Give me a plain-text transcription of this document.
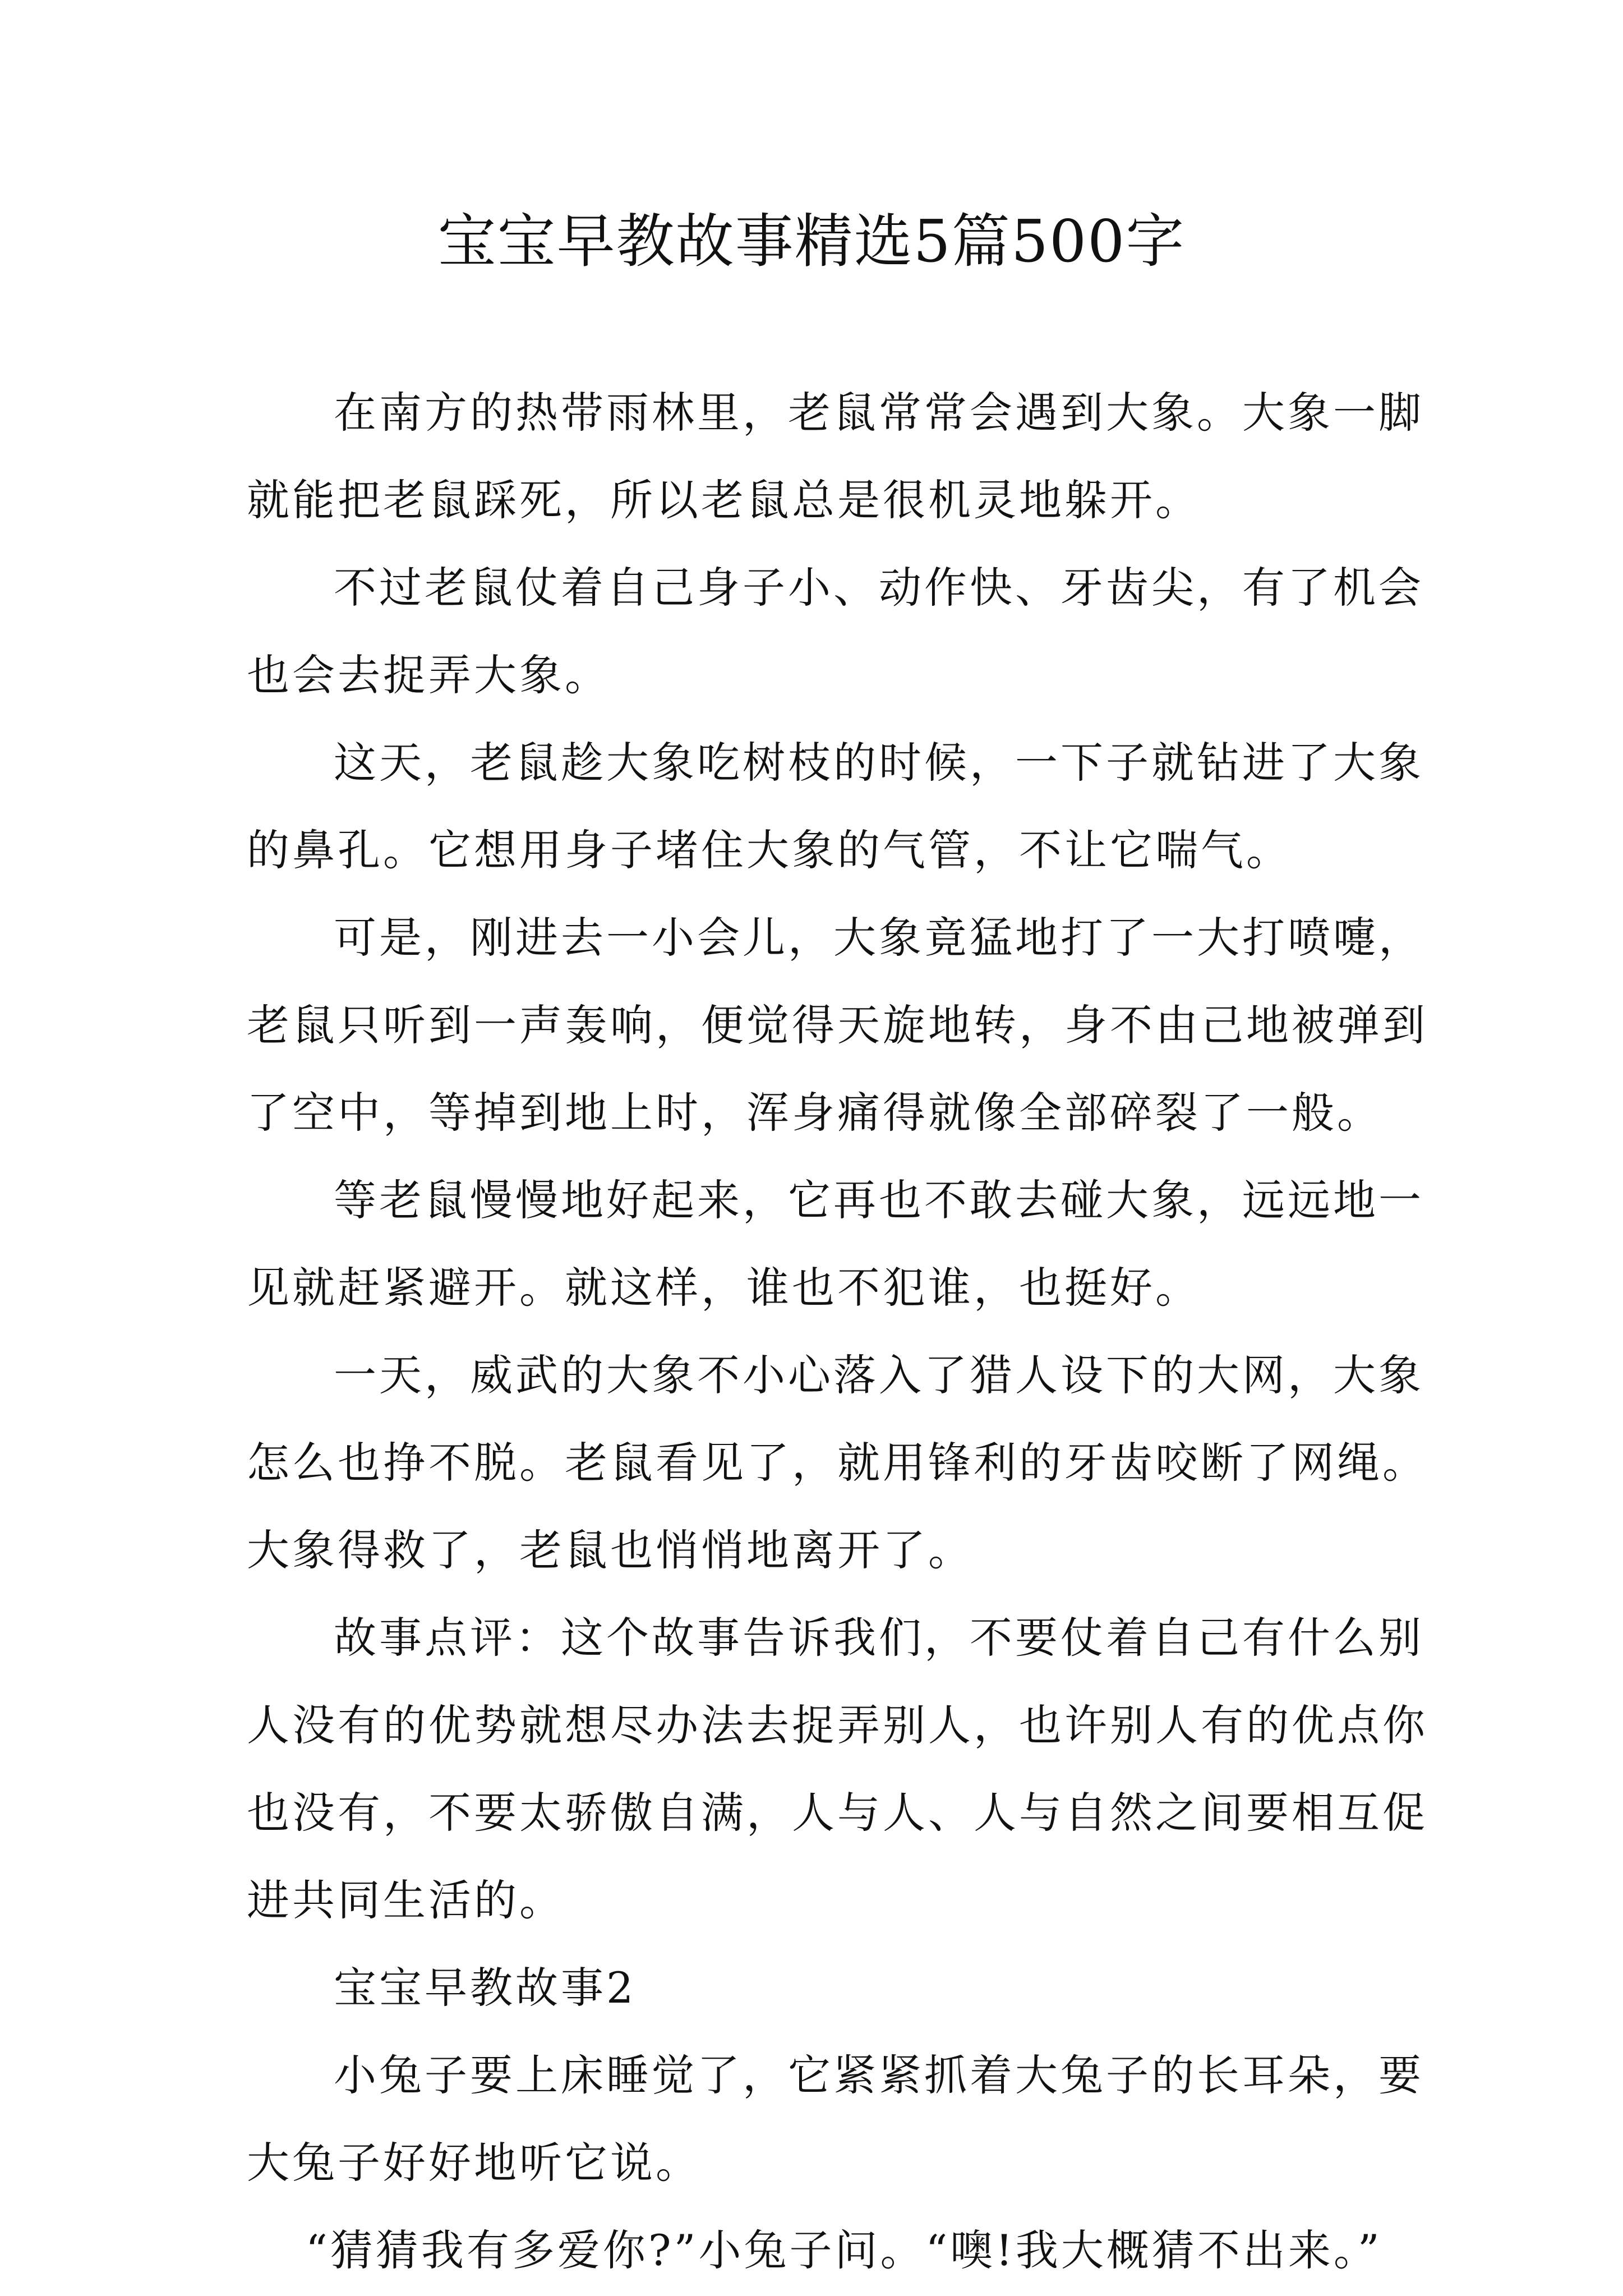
宝宝早教故事精选5篇500字

在南方的热带雨林里，老鼠常常会遇到大象。大象一脚

就能把老鼠踩死，所以老鼠总是很机灵地躲开。

不过老鼠仗着自己身子小、动作快、牙齿尖，有了机会

也会去捉弄大象。

这天，老鼠趁大象吃树枝的时候，一下子就钻进了大象

的鼻孔。它想用身子堵住大象的气管，不让它喘气。

可是，刚进去一小会儿，大象竟猛地打了一大打喷嚏，

老鼠只听到一声轰响，便觉得天旋地转，身不由己地被弹到

了空中，等掉到地上时，浑身痛得就像全部碎裂了一般。

等老鼠慢慢地好起来，它再也不敢去碰大象，远远地一

见就赶紧避开。就这样，谁也不犯谁，也挺好。

一天，威武的大象不小心落入了猎人设下的大网，大象

怎么也挣不脱。老鼠看见了，就用锋利的牙齿咬断了网绳。

大象得救了，老鼠也悄悄地离开了。

故事点评：这个故事告诉我们，不要仗着自己有什么别

人没有的优势就想尽办法去捉弄别人，也许别人有的优点你

也没有，不要太骄傲自满，人与人、人与自然之间要相互促

进共同生活的。

宝宝早教故事2

小兔子要上床睡觉了，它紧紧抓着大兔子的长耳朵，要

大兔子好好地听它说。

“猜猜我有多爱你?”小兔子问。“噢!我大概猜不出来。”
